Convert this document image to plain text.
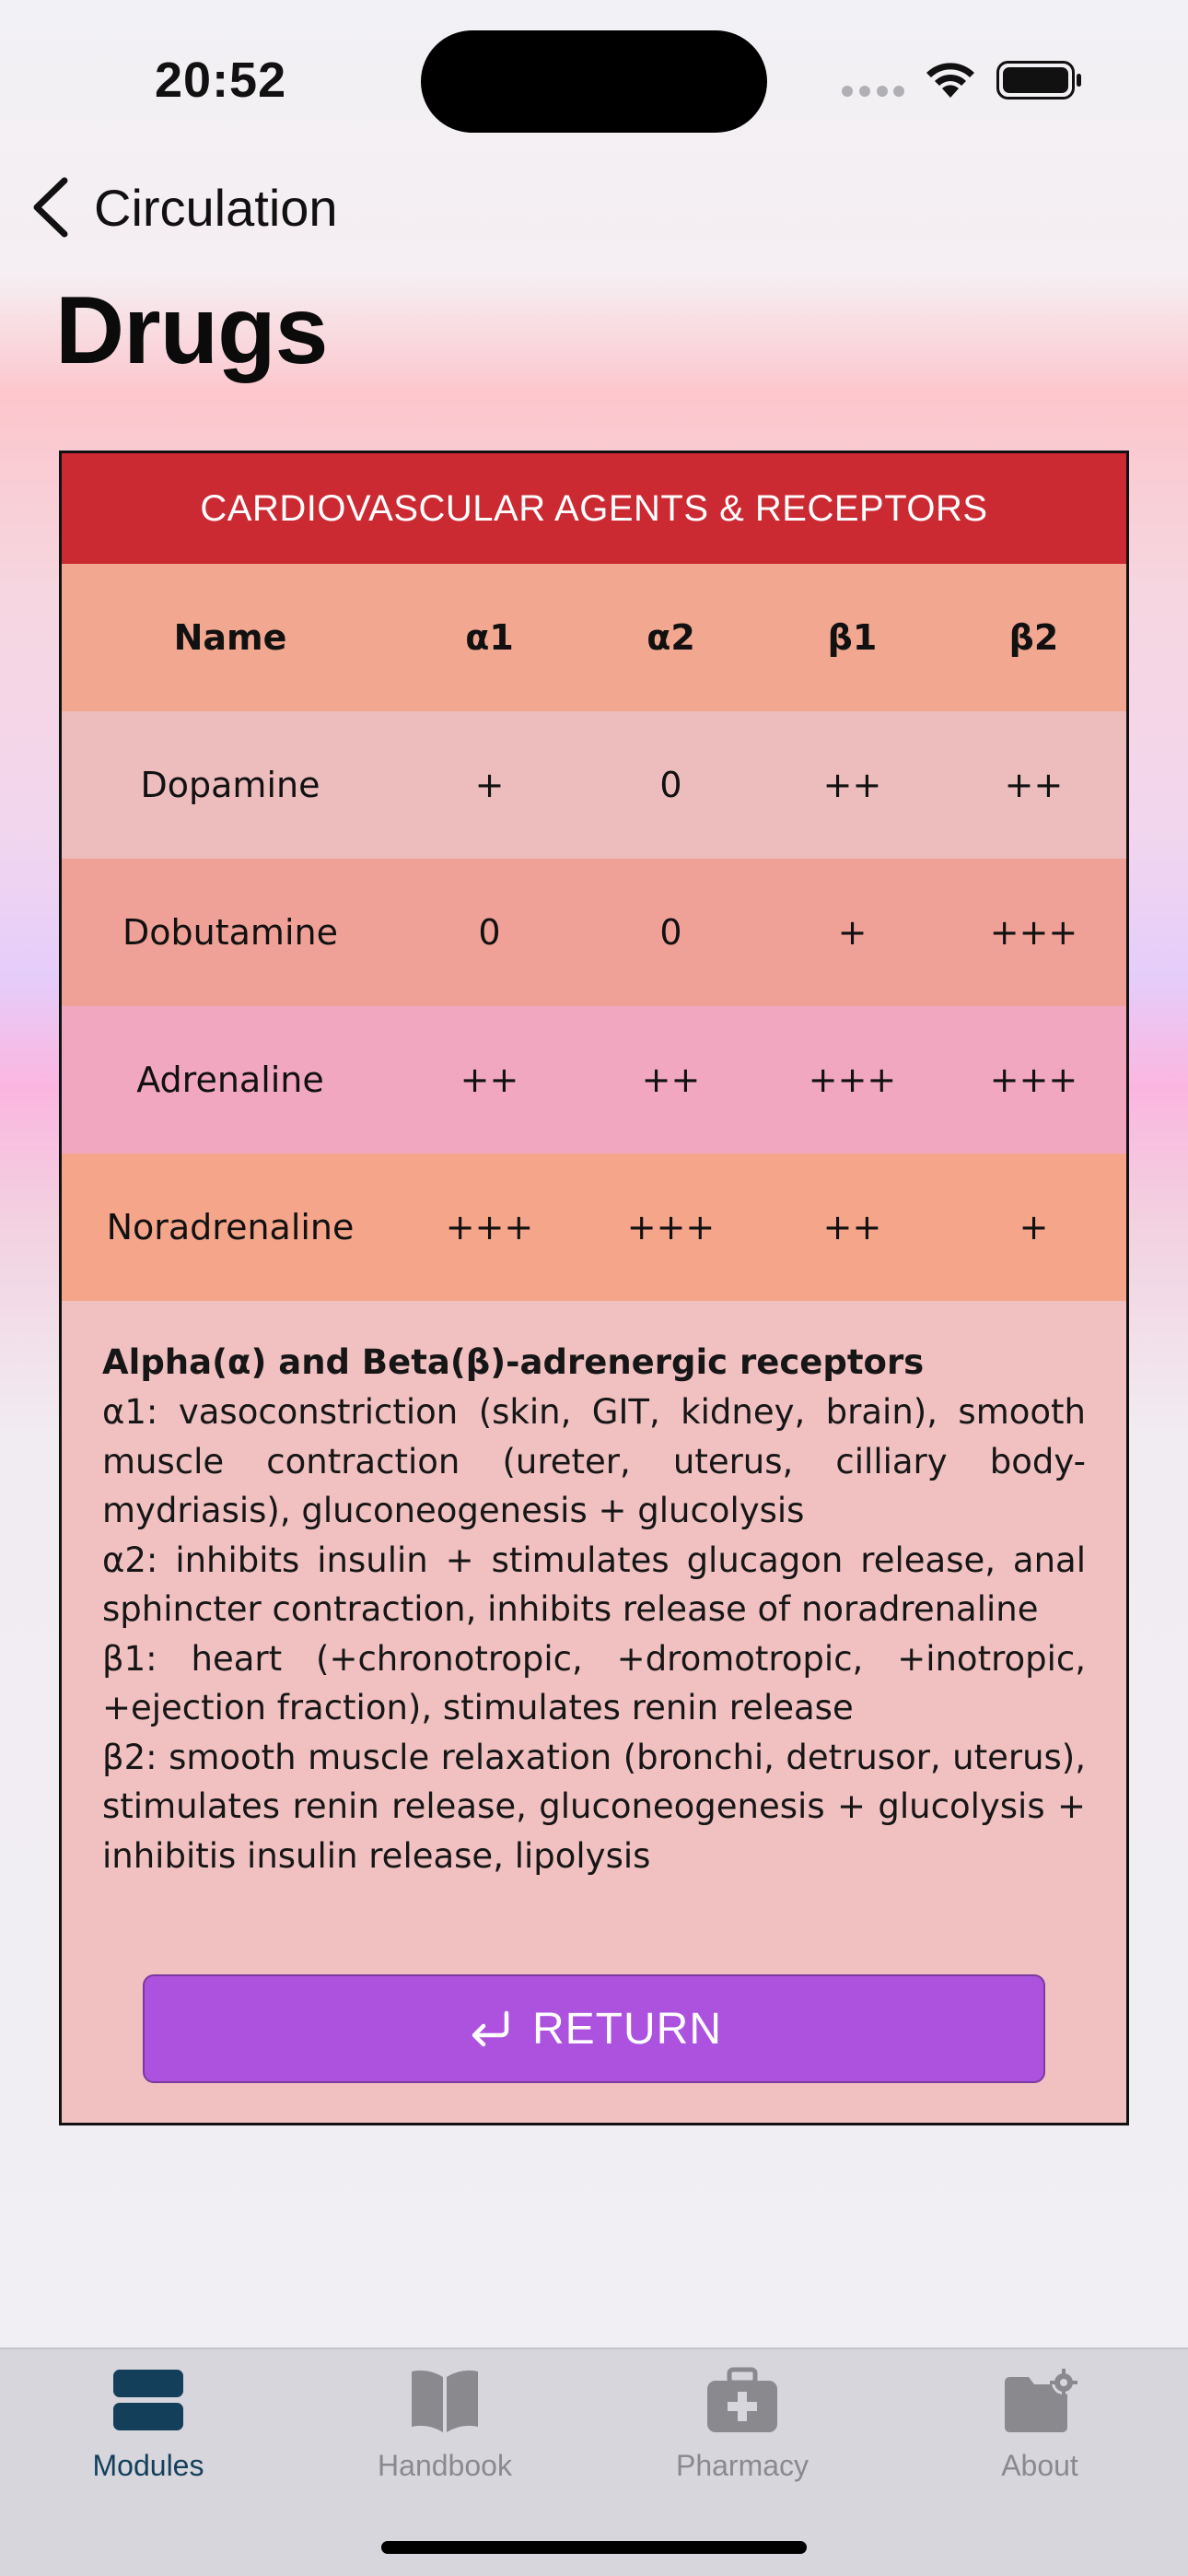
20:52
Circulation
Drugs
CARDIOVASCULAR AGENTS & RECEPTORS
Name	α1	α2	β1	β2
Dopamine	+	0	++	++
Dobutamine	0	0	+	+++
Adrenaline	++	++	+++	+++
Noradrenaline	+++	+++	++	+
Alpha(α) and Beta(β)-adrenergic receptors

α1: vasoconstriction (skin, GIT, kidney, brain), smooth muscle contraction (ureter, uterus, cilliary body-mydriasis), gluconeogenesis + glucolysis

α2: inhibits insulin + stimulates glucagon release, anal sphincter contraction, inhibits release of noradrenaline

β1: heart (+chronotropic, +dromotropic, +inotropic, +ejection fraction), stimulates renin release

β2: smooth muscle relaxation (bronchi, detrusor, uterus), stimulates renin release, gluconeogenesis + glucolysis + inhibitis insulin release, lipolysis

RETURN
Modules	Handbook	Pharmacy	About
